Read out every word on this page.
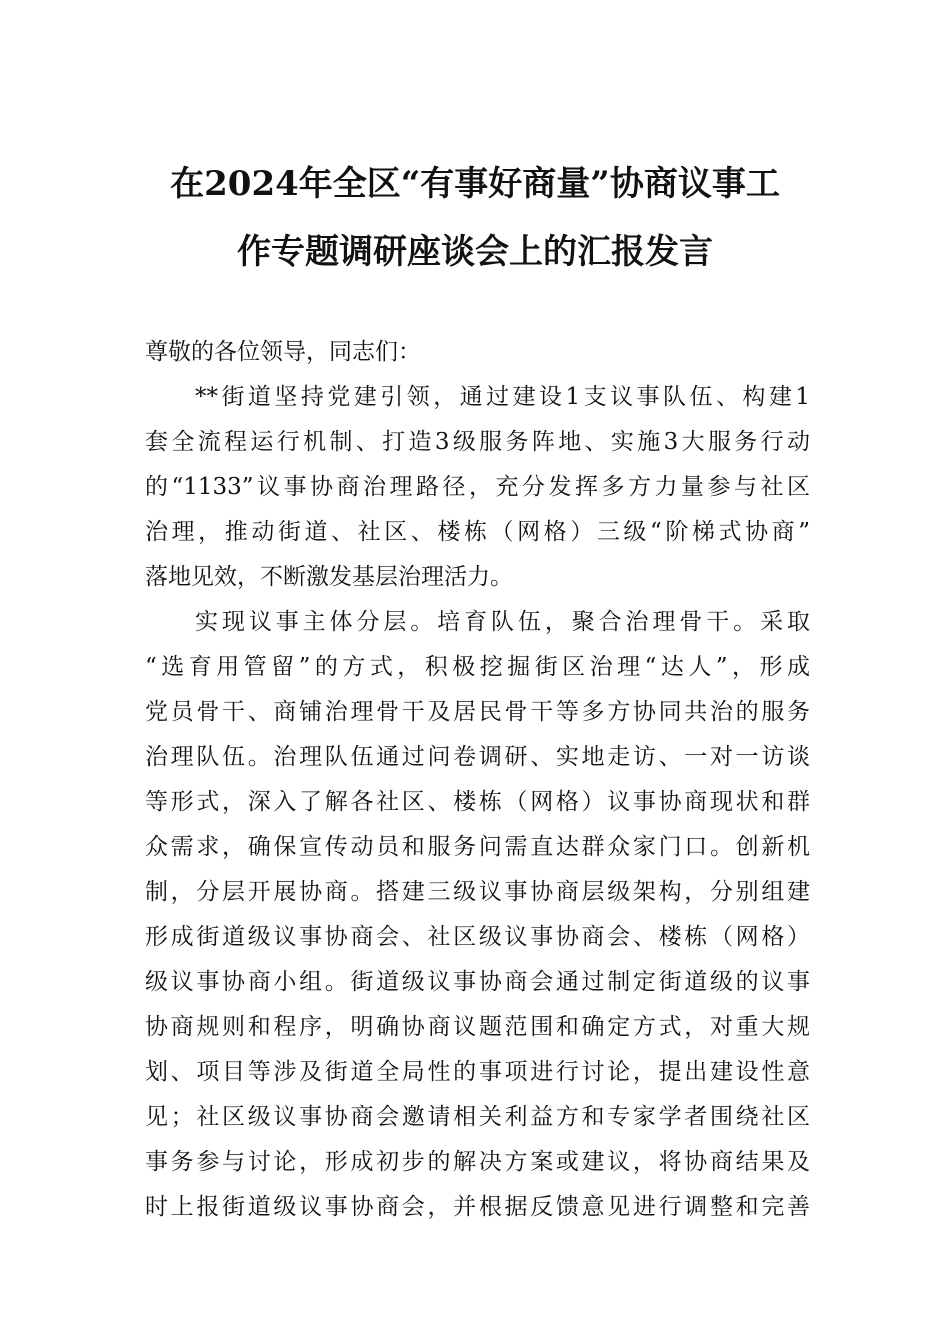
在2024年全区“有事好商量”协商议事工
作专题调研座谈会上的汇报发言
尊敬的各位领导，同志们：
**街道坚持党建引领，通过建设1支议事队伍、构建1
套全流程运行机制、打造3级服务阵地、实施3大服务行动
的“1133”议事协商治理路径，充分发挥多方力量参与社区
治理，推动街道、社区、楼栋（网格）三级“阶梯式协商”
落地见效，不断激发基层治理活力。
实现议事主体分层。培育队伍，聚合治理骨干。采取
“选育用管留”的方式，积极挖掘街区治理“达人”，形成
党员骨干、商铺治理骨干及居民骨干等多方协同共治的服务
治理队伍。治理队伍通过问卷调研、实地走访、一对一访谈
等形式，深入了解各社区、楼栋（网格）议事协商现状和群
众需求，确保宣传动员和服务问需直达群众家门口。创新机
制，分层开展协商。搭建三级议事协商层级架构，分别组建
形成街道级议事协商会、社区级议事协商会、楼栋（网格）
级议事协商小组。街道级议事协商会通过制定街道级的议事
协商规则和程序，明确协商议题范围和确定方式，对重大规
划、项目等涉及街道全局性的事项进行讨论，提出建设性意
见；社区级议事协商会邀请相关利益方和专家学者围绕社区
事务参与讨论，形成初步的解决方案或建议，将协商结果及
时上报街道级议事协商会，并根据反馈意见进行调整和完善
